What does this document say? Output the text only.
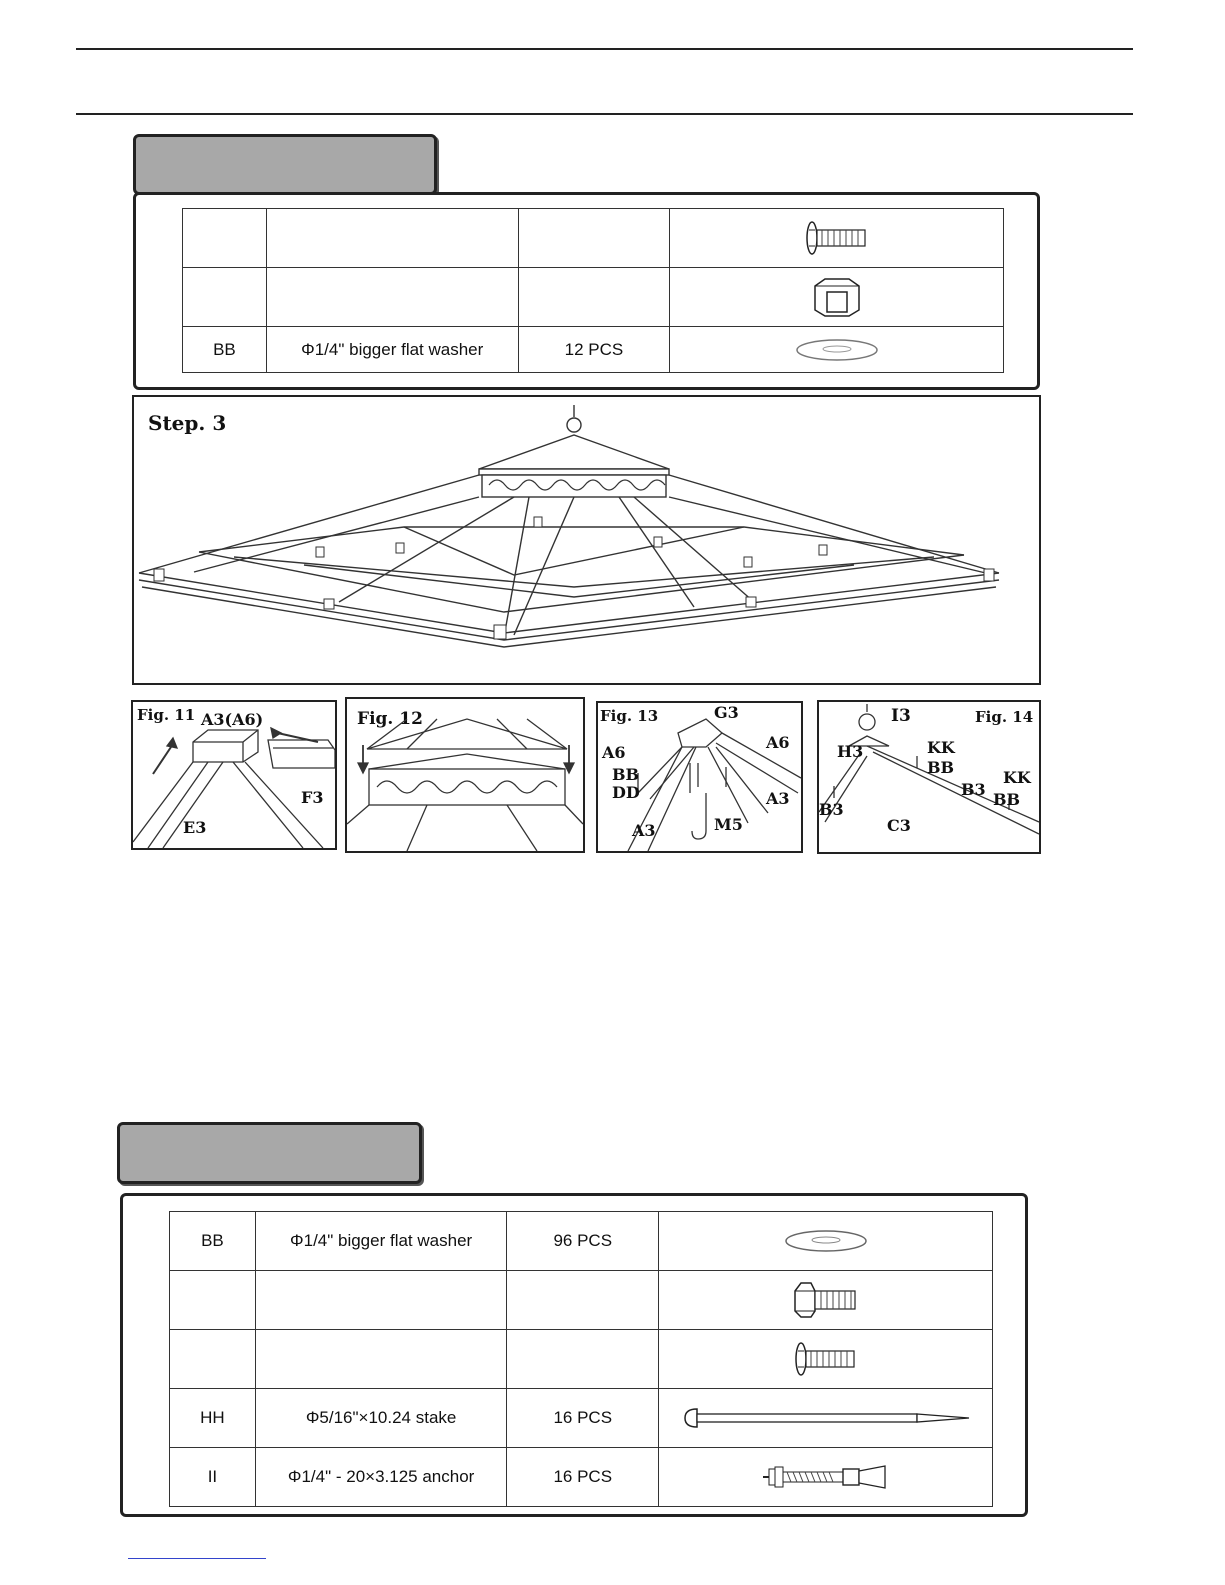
BB	Φ1/4" bigger flat washer	12 PCS	
Step. 3
Fig. 11 A3(A6)
E3
F3
Fig. 12	Fig. 13	G3
A6
A6
BB
DD	A3
A3	M5
Fig. 14
I3
H3	KK
BB
B3
KK
BB
B3
C3
BB	Φ1/4" bigger flat washer	96 PCS	

HH	Φ5/16"×10.24 stake	16 PCS	

II	Φ1/4" - 20×3.125 anchor	16 PCS	
